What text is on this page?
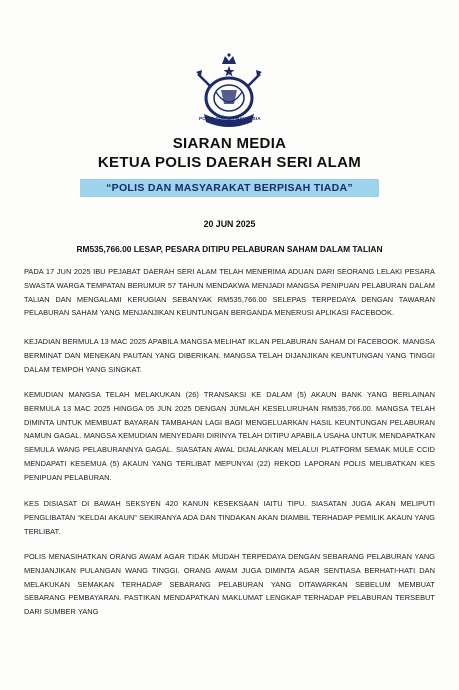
POLIS DIRAJA MALAYSIA
SIARAN MEDIA
KETUA POLIS DAERAH SERI ALAM
“POLIS DAN MASYARAKAT BERPISAH TIADA”
20 JUN 2025
RM535,766.00 LESAP, PESARA DITIPU PELABURAN SAHAM DALAM TALIAN

PADA 17 JUN 2025 IBU PEJABAT DAERAH SERI ALAM TELAH MENERIMA ADUAN DARI SEORANG LELAKI PESARA SWASTA WARGA TEMPATAN BERUMUR 57 TAHUN MENDAKWA MENJADI MANGSA PENIPUAN PELABURAN DALAM TALIAN DAN MENGALAMI KERUGIAN SEBANYAK RM535,766.00 SELEPAS TERPEDAYA DENGAN TAWARAN PELABURAN SAHAM YANG MENJANJIKAN KEUNTUNGAN BERGANDA MENERUSI APLIKASI FACEBOOK.

KEJADIAN BERMULA 13 MAC 2025 APABILA MANGSA MELIHAT IKLAN PELABURAN SAHAM DI FACEBOOK. MANGSA BERMINAT DAN MENEKAN PAUTAN YANG DIBERIKAN. MANGSA TELAH DIJANJIKAN KEUNTUNGAN YANG TINGGI DALAM TEMPOH YANG SINGKAT.

KEMUDIAN MANGSA TELAH MELAKUKAN (26) TRANSAKSI KE DALAM (5) AKAUN BANK YANG BERLAINAN BERMULA 13 MAC 2025 HINGGA 05 JUN 2025 DENGAN JUMLAH KESELURUHAN RM535,766.00. MANGSA TELAH DIMINTA UNTUK MEMBUAT BAYARAN TAMBAHAN LAGI BAGI MENGELUARKAN HASIL KEUNTUNGAN PELABURAN NAMUN GAGAL. MANGSA KEMUDIAN MENYEDARI DIRINYA TELAH DITIPU APABILA USAHA UNTUK MENDAPATKAN SEMULA WANG PELABURANNYA GAGAL. SIASATAN AWAL DIJALANKAN MELALUI PLATFORM SEMAK MULE CCID MENDAPATI KESEMUA (5) AKAUN YANG TERLIBAT MEPUNYAI (22) REKOD LAPORAN POLIS MELIBATKAN KES PENIPUAN PELABURAN.

KES DISIASAT DI BAWAH SEKSYEN 420 KANUN KESEKSAAN IAITU TIPU. SIASATAN JUGA AKAN MELIPUTI PENGLIBATAN “KELDAI AKAUN” SEKIRANYA ADA DAN TINDAKAN AKAN DIAMBIL TERHADAP PEMILIK AKAUN YANG TERLIBAT.

POLIS MENASIHATKAN ORANG AWAM AGAR TIDAK MUDAH TERPEDAYA DENGAN SEBARANG PELABURAN YANG MENJANJIKAN PULANGAN WANG TINGGI. ORANG AWAM JUGA DIMINTA AGAR SENTIASA BERHATI-HATI DAN MELAKUKAN SEMAKAN TERHADAP SEBARANG PELABURAN YANG DITAWARKAN SEBELUM MEMBUAT SEBARANG PEMBAYARAN. PASTIKAN MENDAPATKAN MAKLUMAT LENGKAP TERHADAP PELABURAN TERSEBUT DARI SUMBER YANG
